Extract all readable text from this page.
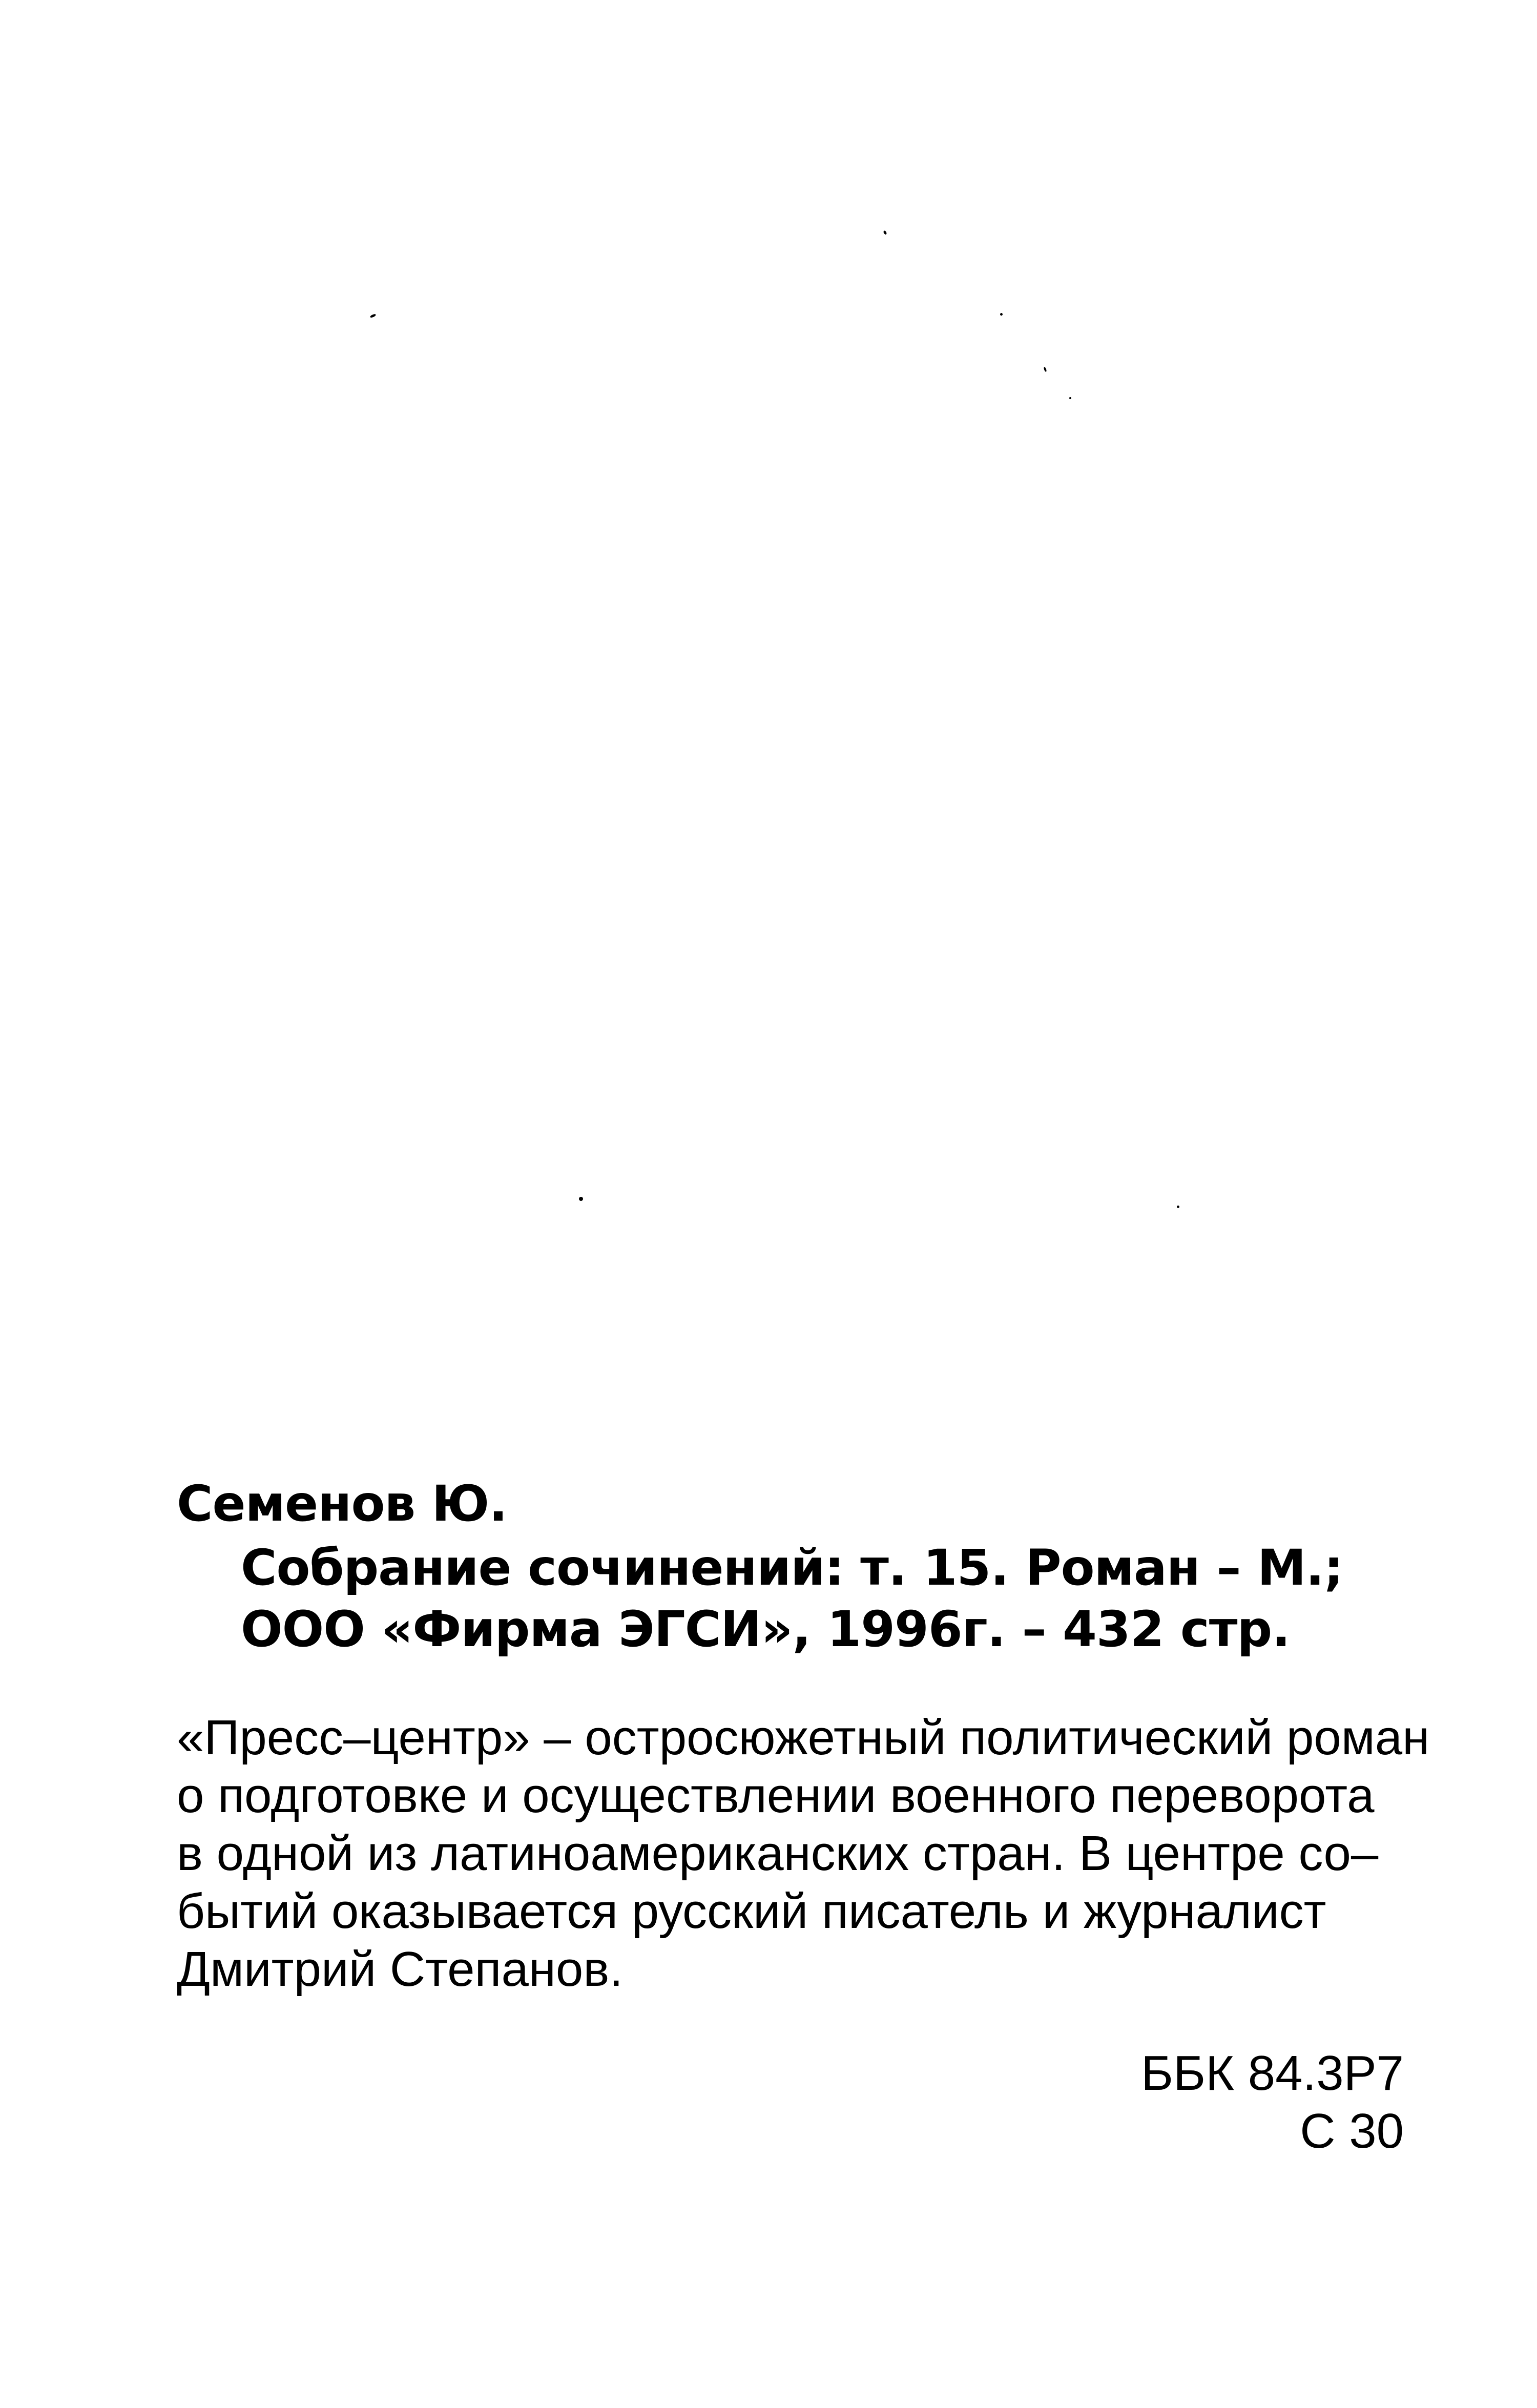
Семенов Ю.
Собрание сочинений: т. 15. Роман – М.;
ООО «Фирма ЭГСИ», 1996г. – 432 стр.
«Пресс–центр» – остросюжетный политический роман
о подготовке и осуществлении военного переворота
в одной из латиноамериканских стран. В центре со–
бытий оказывается русский писатель и журналист
Дмитрий Степанов.
ББК 84.3Р7
С 30
